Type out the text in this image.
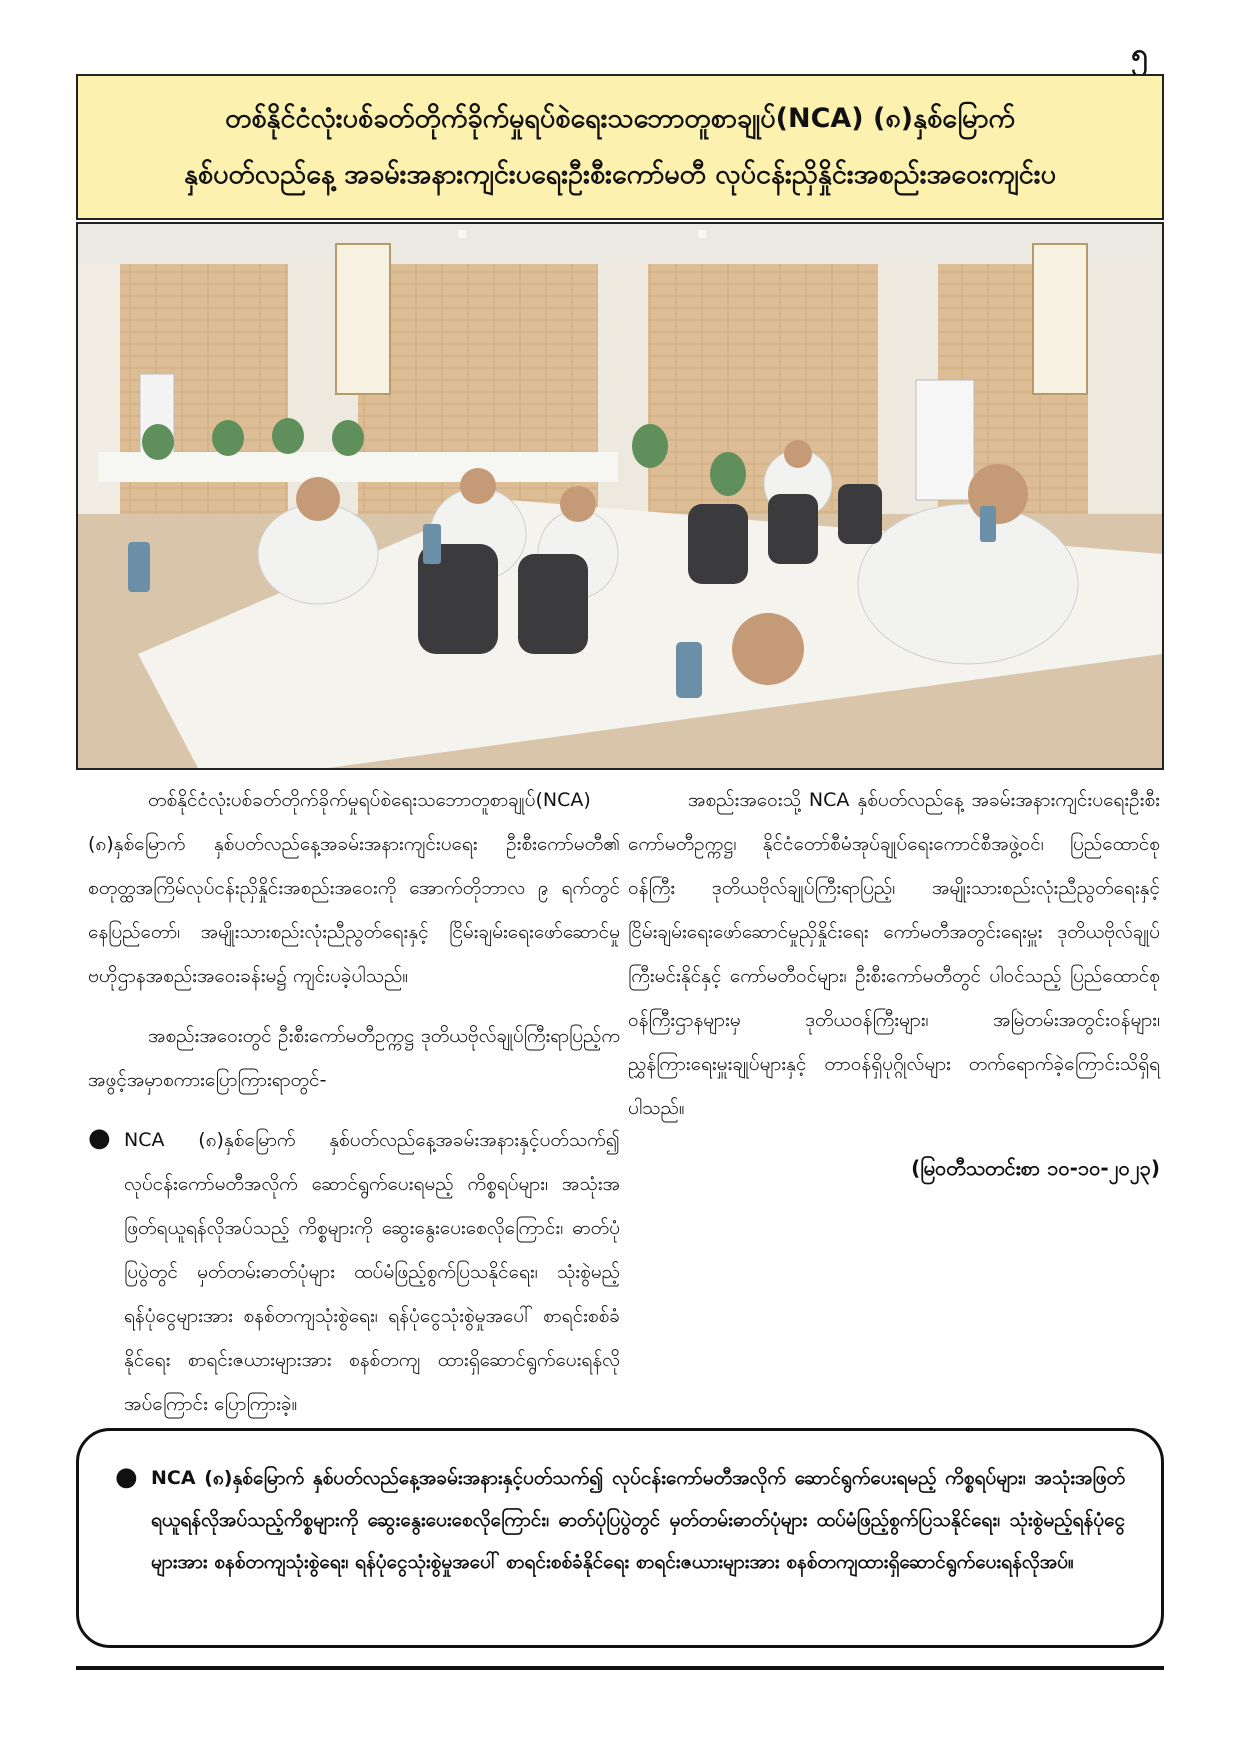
၅
တစ်နိုင်ငံလုံးပစ်ခတ်တိုက်ခိုက်မှုရပ်စဲရေးသဘောတူစာချုပ်(NCA) (၈)နှစ်မြောက်
နှစ်ပတ်လည်နေ့ အခမ်းအနားကျင်းပရေးဦးစီးကော်မတီ လုပ်ငန်းညှိနှိုင်းအစည်းအဝေးကျင်းပ

တစ်နိုင်ငံလုံးပစ်ခတ်တိုက်ခိုက်မှုရပ်စဲရေးသဘောတူစာချုပ်(NCA) (၈)နှစ်မြောက် နှစ်ပတ်လည်နေ့အခမ်းအနားကျင်းပရေး ဦးစီးကော်မတီ၏ စတုတ္ထအကြိမ်လုပ်ငန်းညှိနှိုင်းအစည်းအဝေးကို အောက်တိုဘာလ ၉ ရက်တွင် နေပြည်တော်၊ အမျိုးသားစည်းလုံးညီညွတ်ရေးနှင့် ငြိမ်းချမ်းရေးဖော်ဆောင်မှုဗဟိုဌာနအစည်းအဝေးခန်းမ၌ ကျင်းပခဲ့ပါသည်။

အစည်းအဝေးတွင် ဦးစီးကော်မတီဥက္ကဋ္ဌ ဒုတိယဗိုလ်ချုပ်ကြီးရာပြည့်က အဖွင့်အမှာစကားပြောကြားရာတွင်-

● NCA (၈)နှစ်မြောက် နှစ်ပတ်လည်နေ့အခမ်းအနားနှင့်ပတ်သက်၍ လုပ်ငန်းကော်မတီအလိုက် ဆောင်ရွက်ပေးရမည့် ကိစ္စရပ်များ၊ အသုံးအဖြတ်ရယူရန်လိုအပ်သည့် ကိစ္စများကို ဆွေးနွေးပေးစေလိုကြောင်း၊ ဓာတ်ပုံပြပွဲတွင် မှတ်တမ်းဓာတ်ပုံများ ထပ်မံဖြည့်စွက်ပြသနိုင်ရေး၊ သုံးစွဲမည့် ရန်ပုံငွေများအား စနစ်တကျသုံးစွဲရေး၊ ရန်ပုံငွေသုံးစွဲမှုအပေါ် စာရင်းစစ်ခံနိုင်ရေး စာရင်းဇယားများအား စနစ်တကျ ထားရှိဆောင်ရွက်ပေးရန်လိုအပ်ကြောင်း ပြောကြားခဲ့။

အစည်းအဝေးသို့ NCA နှစ်ပတ်လည်နေ့ အခမ်းအနားကျင်းပရေးဦးစီးကော်မတီဥက္ကဋ္ဌ၊ နိုင်ငံတော်စီမံအုပ်ချုပ်ရေးကောင်စီအဖွဲ့ဝင်၊ ပြည်ထောင်စုဝန်ကြီး ဒုတိယဗိုလ်ချုပ်ကြီးရာပြည့်၊ အမျိုးသားစည်းလုံးညီညွတ်ရေးနှင့် ငြိမ်းချမ်းရေးဖော်ဆောင်မှုညှိနှိုင်းရေး ကော်မတီအတွင်းရေးမှူး ဒုတိယဗိုလ်ချုပ်ကြီးမင်းနိုင်နှင့် ကော်မတီဝင်များ၊ ဦးစီးကော်မတီတွင် ပါဝင်သည့် ပြည်ထောင်စုဝန်ကြီးဌာနများမှ ဒုတိယဝန်ကြီးများ၊ အမြဲတမ်းအတွင်းဝန်များ၊ ညွှန်ကြားရေးမှူးချုပ်များနှင့် တာဝန်ရှိပုဂ္ဂိုလ်များ တက်ရောက်ခဲ့ကြောင်းသိရှိရပါသည်။

(မြဝတီသတင်းစာ ၁၀-၁၀-၂၀၂၃)
● NCA (၈)နှစ်မြောက် နှစ်ပတ်လည်နေ့အခမ်းအနားနှင့်ပတ်သက်၍ လုပ်ငန်းကော်မတီအလိုက် ဆောင်ရွက်ပေးရမည့် ကိစ္စရပ်များ၊ အသုံးအဖြတ်ရယူရန်လိုအပ်သည့်ကိစ္စများကို ဆွေးနွေးပေးစေလိုကြောင်း၊ ဓာတ်ပုံပြပွဲတွင် မှတ်တမ်းဓာတ်ပုံများ ထပ်မံဖြည့်စွက်ပြသနိုင်ရေး၊ သုံးစွဲမည့်ရန်ပုံငွေများအား စနစ်တကျသုံးစွဲရေး၊ ရန်ပုံငွေသုံးစွဲမှုအပေါ် စာရင်းစစ်ခံနိုင်ရေး စာရင်းဇယားများအား စနစ်တကျထားရှိဆောင်ရွက်ပေးရန်လိုအပ်။
